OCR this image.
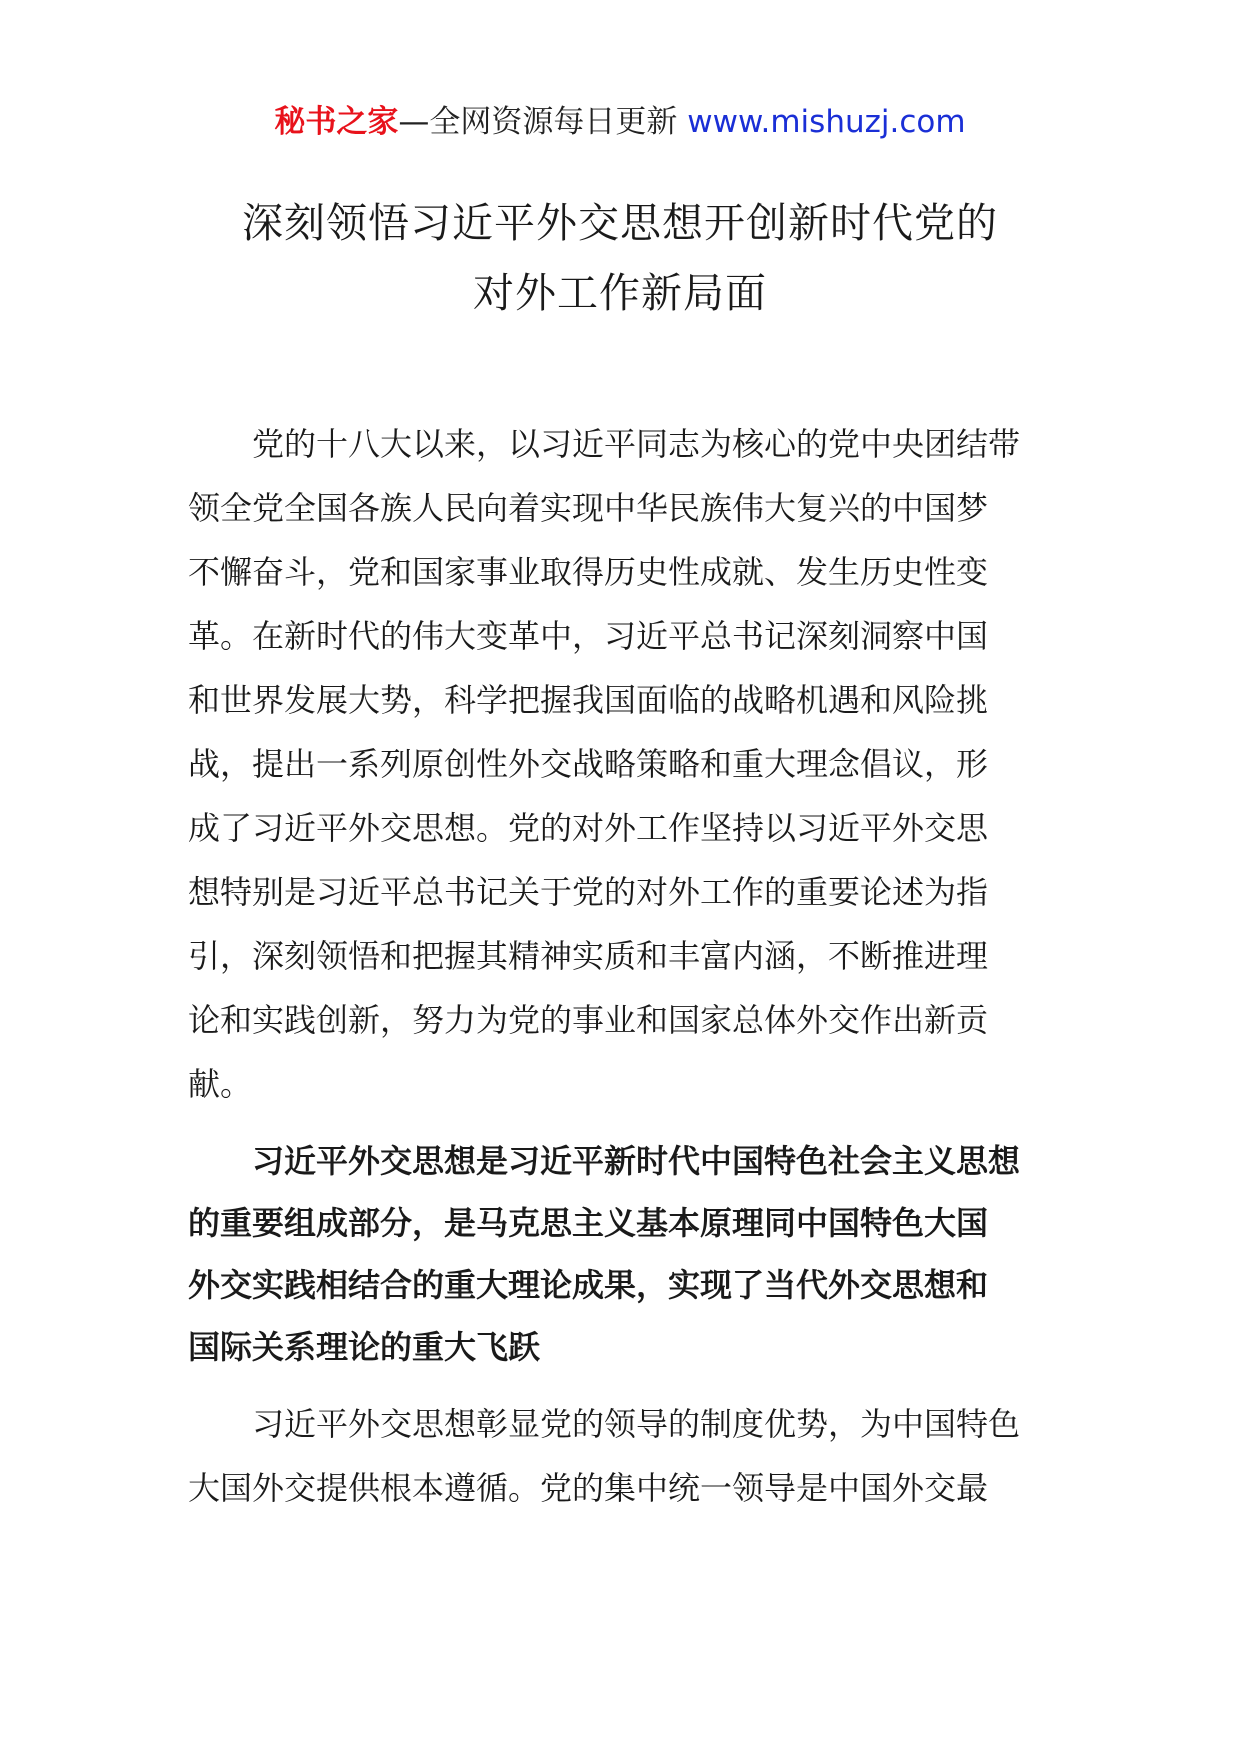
秘书之家—全网资源每日更新 www.mishuzj.com
深刻领悟习近平外交思想开创新时代党的
对外工作新局面

党的十八大以来，以习近平同志为核心的党中央团结带
领全党全国各族人民向着实现中华民族伟大复兴的中国梦
不懈奋斗，党和国家事业取得历史性成就、发生历史性变
革。在新时代的伟大变革中，习近平总书记深刻洞察中国
和世界发展大势，科学把握我国面临的战略机遇和风险挑
战，提出一系列原创性外交战略策略和重大理念倡议，形
成了习近平外交思想。党的对外工作坚持以习近平外交思
想特别是习近平总书记关于党的对外工作的重要论述为指
引，深刻领悟和把握其精神实质和丰富内涵，不断推进理
论和实践创新，努力为党的事业和国家总体外交作出新贡
献。

习近平外交思想是习近平新时代中国特色社会主义思想
的重要组成部分，是马克思主义基本原理同中国特色大国
外交实践相结合的重大理论成果，实现了当代外交思想和
国际关系理论的重大飞跃

习近平外交思想彰显党的领导的制度优势，为中国特色
大国外交提供根本遵循。党的集中统一领导是中国外交最
